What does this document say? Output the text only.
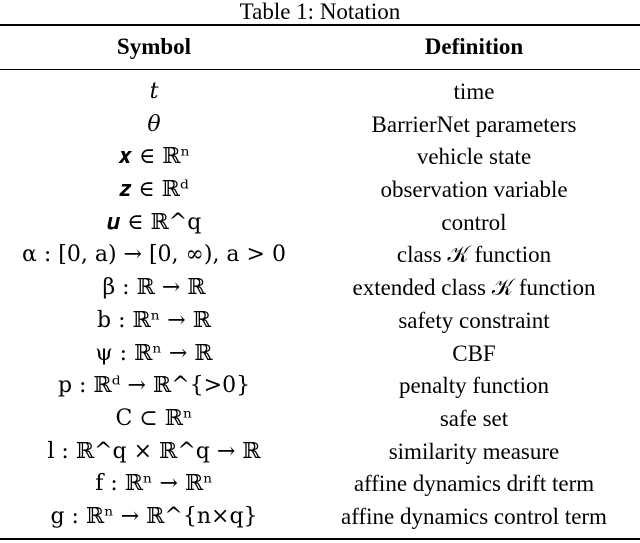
Table 1: Notation
Symbol	Definition
t	time
θ	BarrierNet parameters
𝒙 ∈ ℝⁿ	vehicle state
𝒛 ∈ ℝᵈ	observation variable
𝒖 ∈ ℝ^q	control
α : [0, a) → [0, ∞), a > 0	class 𝒦 function
β : ℝ → ℝ	extended class 𝒦 function
b : ℝⁿ → ℝ	safety constraint
ψ : ℝⁿ → ℝ	CBF
p : ℝᵈ → ℝ^{>0}	penalty function
C ⊂ ℝⁿ	safe set
l : ℝ^q × ℝ^q → ℝ	similarity measure
f : ℝⁿ → ℝⁿ	affine dynamics drift term
g : ℝⁿ → ℝ^{n×q}	affine dynamics control term
